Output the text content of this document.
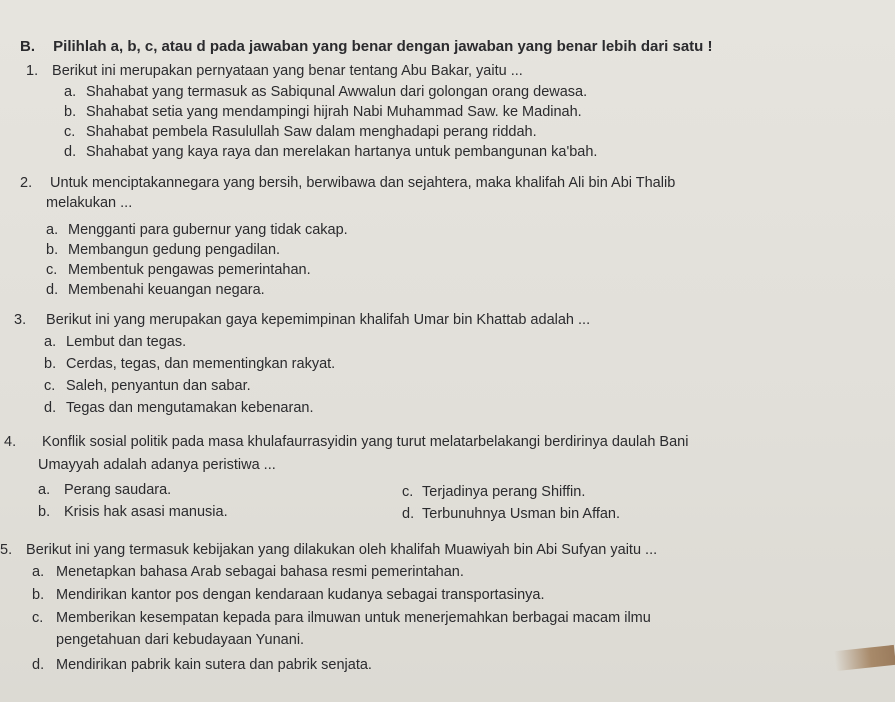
B. Pilihlah a, b, c, atau d pada jawaban yang benar dengan jawaban yang benar lebih dari satu !
1. Berikut ini merupakan pernyataan yang benar tentang Abu Bakar, yaitu ...
a. Shahabat yang termasuk as Sabiqunal Awwalun dari golongan orang dewasa.
b. Shahabat setia yang mendampingi hijrah Nabi Muhammad Saw. ke Madinah.
c. Shahabat pembela Rasulullah Saw dalam menghadapi perang riddah.
d. Shahabat yang kaya raya dan merelakan hartanya untuk pembangunan ka'bah.
2. Untuk menciptakannegara yang bersih, berwibawa dan sejahtera, maka khalifah Ali bin Abi Thalib
melakukan ...
a. Mengganti para gubernur yang tidak cakap.
b. Membangun gedung pengadilan.
c. Membentuk pengawas pemerintahan.
d. Membenahi keuangan negara.
3. Berikut ini yang merupakan gaya kepemimpinan khalifah Umar bin Khattab adalah ...
a. Lembut dan tegas.
b. Cerdas, tegas, dan mementingkan rakyat.
c. Saleh, penyantun dan sabar.
d. Tegas dan mengutamakan kebenaran.
4. Konflik sosial politik pada masa khulafaurrasyidin yang turut melatarbelakangi berdirinya daulah Bani
Umayyah adalah adanya peristiwa ...
a. Perang saudara.
b. Krisis hak asasi manusia.
c. Terjadinya perang Shiffin.
d. Terbunuhnya Usman bin Affan.
5. Berikut ini yang termasuk kebijakan yang dilakukan oleh khalifah Muawiyah bin Abi Sufyan yaitu ...
a. Menetapkan bahasa Arab sebagai bahasa resmi pemerintahan.
b. Mendirikan kantor pos dengan kendaraan kudanya sebagai transportasinya.
c. Memberikan kesempatan kepada para ilmuwan untuk menerjemahkan berbagai macam ilmu
pengetahuan dari kebudayaan Yunani.
d. Mendirikan pabrik kain sutera dan pabrik senjata.
